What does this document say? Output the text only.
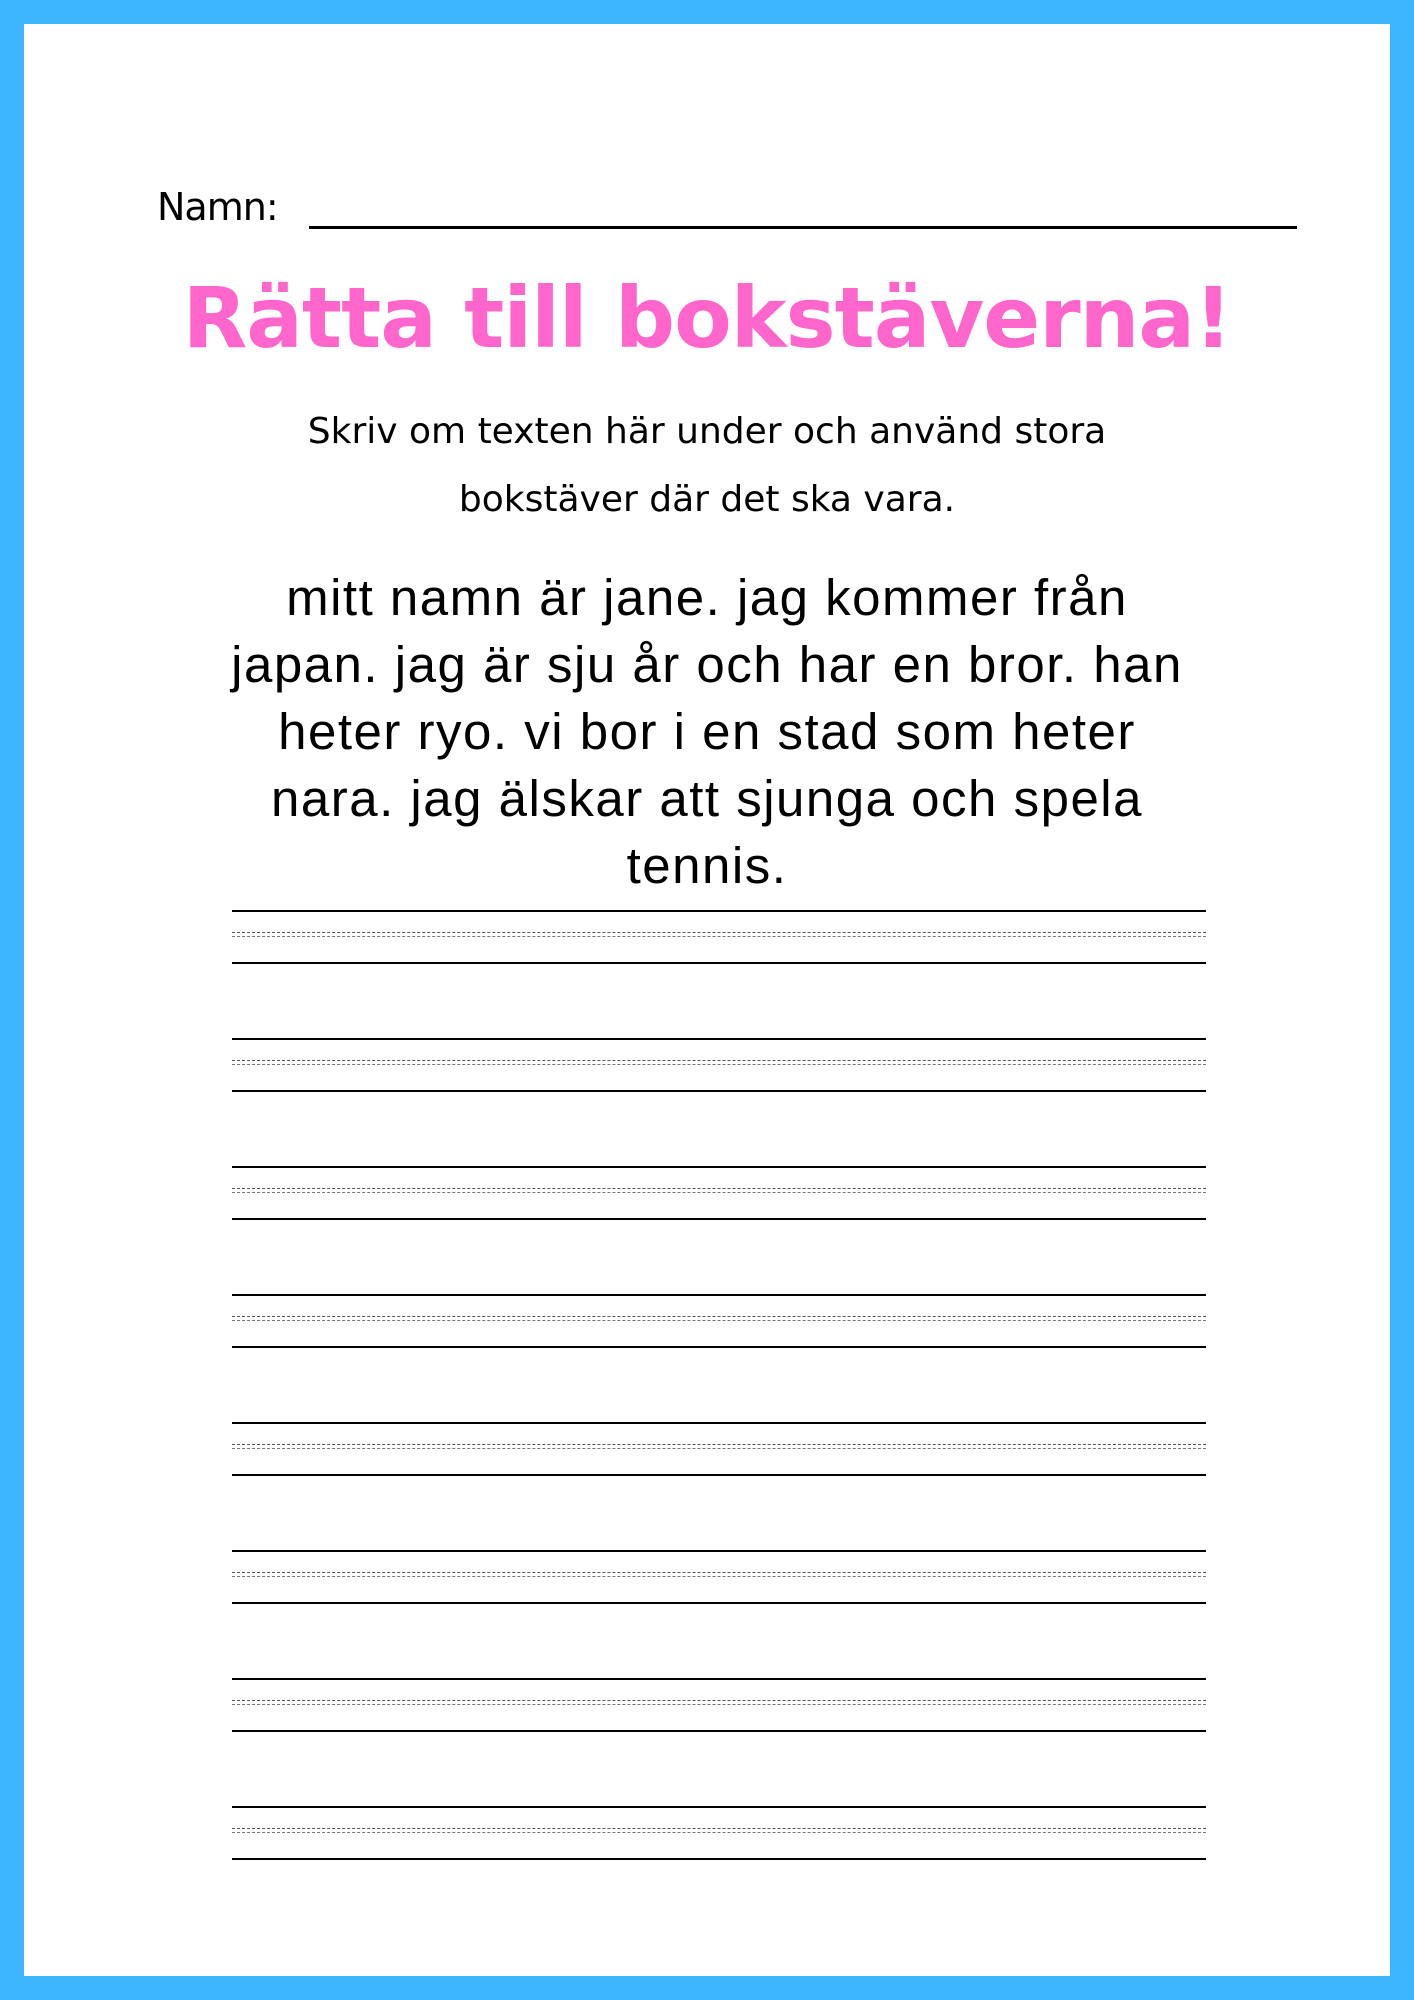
Namn:
Rätta till bokstäverna!
Skriv om texten här under och använd stora
bokstäver där det ska vara.
mitt namn är jane. jag kommer från
japan. jag är sju år och har en bror. han
heter ryo. vi bor i en stad som heter
nara. jag älskar att sjunga och spela
tennis.
